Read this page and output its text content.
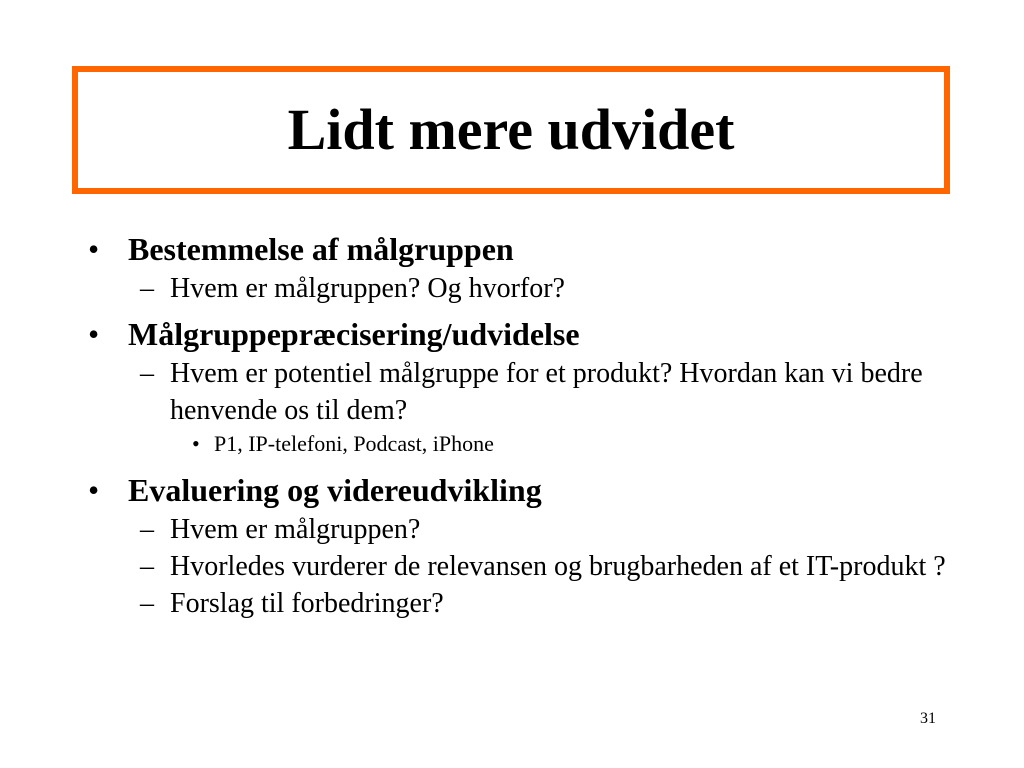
Lidt mere udvidet
• Bestemmelse af målgruppen
– Hvem er målgruppen? Og hvorfor?
• Målgruppepræcisering/udvidelse
– Hvem er potentiel målgruppe for et produkt? Hvordan kan vi bedre henvende os til dem?
• P1, IP-telefoni, Podcast, iPhone
• Evaluering og videreudvikling
– Hvem er målgruppen?
– Hvorledes vurderer de relevansen og brugbarheden af et IT-produkt ?
– Forslag til forbedringer?
31
